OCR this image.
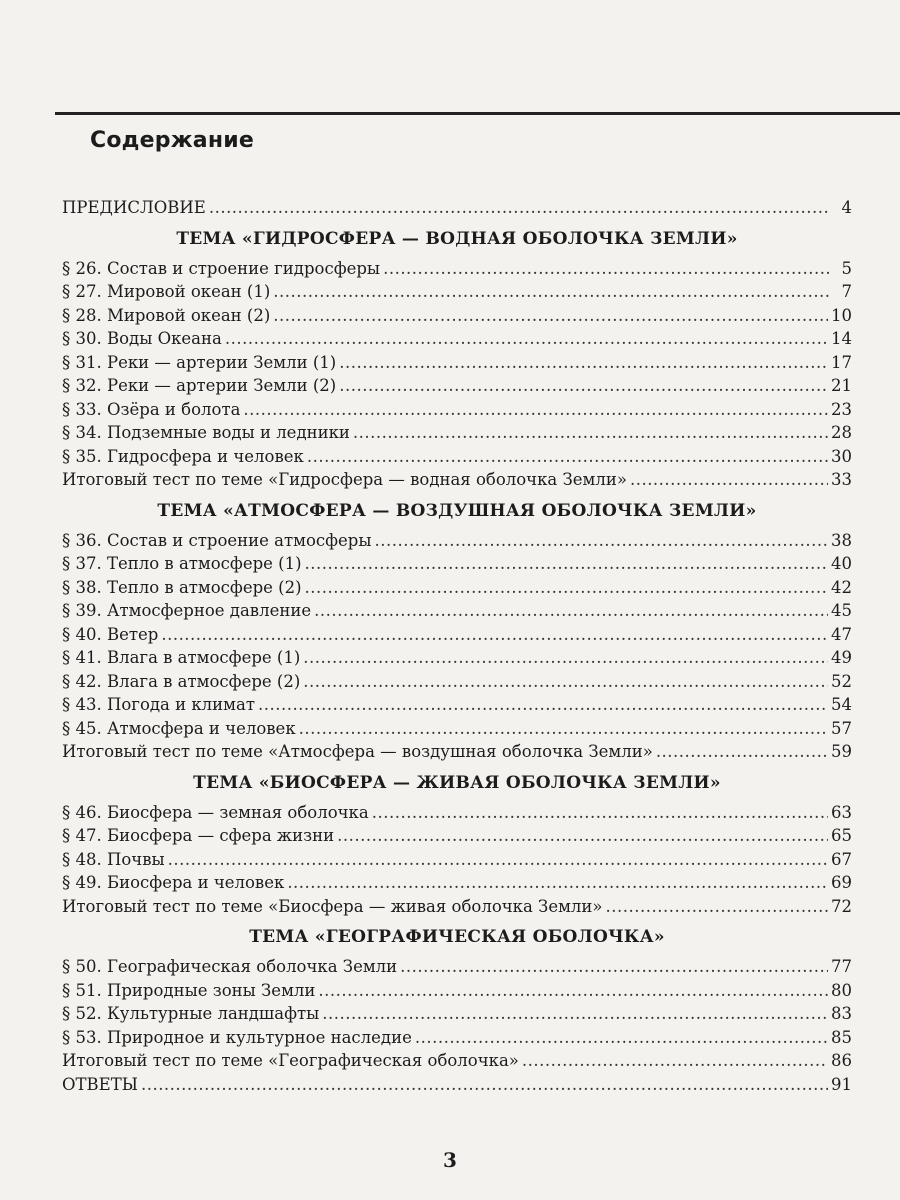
Содержание
ПРЕДИСЛОВИЕ .....	4
ТЕМА «ГИДРОСФЕРА — ВОДНАЯ ОБОЛОЧКА ЗЕМЛИ»
§ 26. Состав и строение гидросферы .....	5
§ 27. Мировой океан (1) .....	7
§ 28. Мировой океан (2) .....	10
§ 30. Воды Океана .....	14
§ 31. Реки — артерии Земли (1) .....	17
§ 32. Реки — артерии Земли (2) .....	21
§ 33. Озёра и болота .....	23
§ 34. Подземные воды и ледники .....	28
§ 35. Гидросфера и человек .....	30
Итоговый тест по теме «Гидросфера — водная оболочка Земли» .....	33
ТЕМА «АТМОСФЕРА — ВОЗДУШНАЯ ОБОЛОЧКА ЗЕМЛИ»
§ 36. Состав и строение атмосферы .....	38
§ 37. Тепло в атмосфере (1) .....	40
§ 38. Тепло в атмосфере (2) .....	42
§ 39. Атмосферное давление .....	45
§ 40. Ветер .....	47
§ 41. Влага в атмосфере (1) .....	49
§ 42. Влага в атмосфере (2) .....	52
§ 43. Погода и климат .....	54
§ 45. Атмосфера и человек .....	57
Итоговый тест по теме «Атмосфера — воздушная оболочка Земли» .....	59
ТЕМА «БИОСФЕРА — ЖИВАЯ ОБОЛОЧКА ЗЕМЛИ»
§ 46. Биосфера — земная оболочка .....	63
§ 47. Биосфера — сфера жизни .....	65
§ 48. Почвы .....	67
§ 49. Биосфера и человек .....	69
Итоговый тест по теме «Биосфера — живая оболочка Земли» .....	72
ТЕМА «ГЕОГРАФИЧЕСКАЯ ОБОЛОЧКА»
§ 50. Географическая оболочка Земли .....	77
§ 51. Природные зоны Земли .....	80
§ 52. Культурные ландшафты .....	83
§ 53. Природное и культурное наследие .....	85
Итоговый тест по теме «Географическая оболочка» .....	86
ОТВЕТЫ .....	91
3
